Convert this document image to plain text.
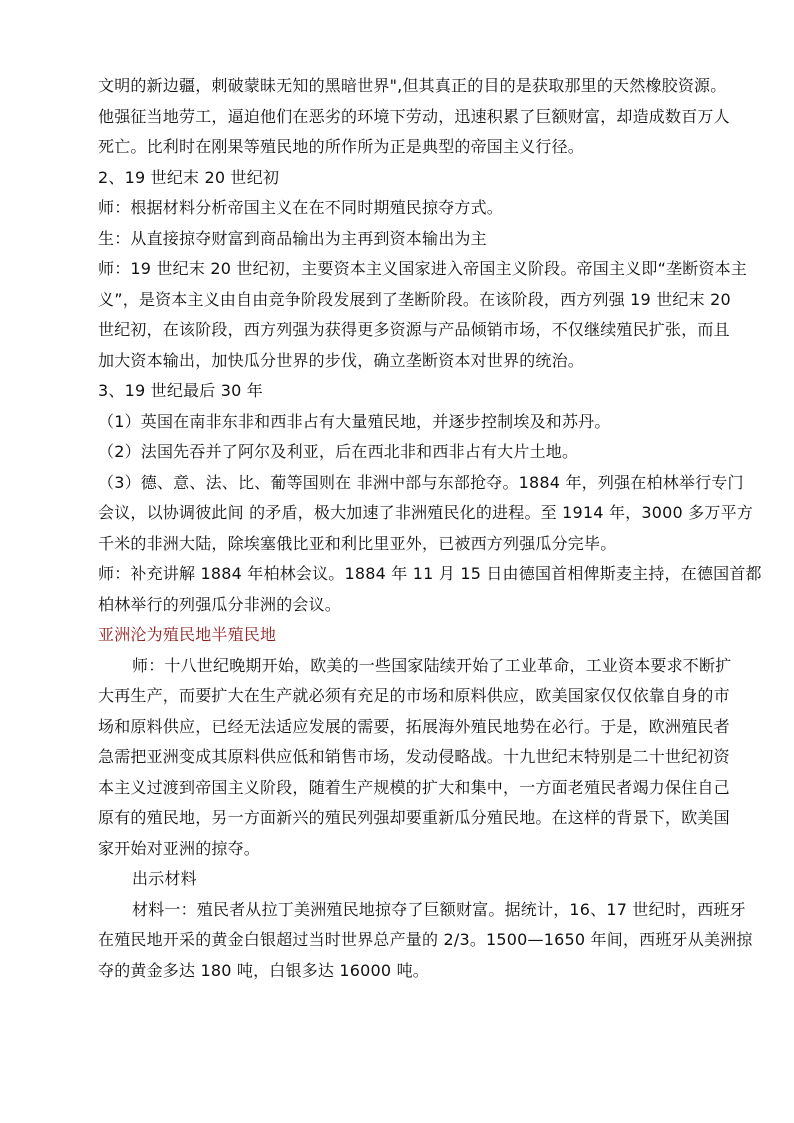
文明的新边疆，刺破蒙昧无知的黑暗世界",但其真正的目的是获取那里的天然橡胶资源。
他强征当地劳工，逼迫他们在恶劣的环境下劳动，迅速积累了巨额财富，却造成数百万人
死亡。比利时在刚果等殖民地的所作所为正是典型的帝国主义行径。
2、19 世纪末 20 世纪初
师：根据材料分析帝国主义在在不同时期殖民掠夺方式。
生：从直接掠夺财富到商品输出为主再到资本输出为主
师：19 世纪末 20 世纪初，主要资本主义国家进入帝国主义阶段。帝国主义即“垄断资本主
义”，是资本主义由自由竞争阶段发展到了垄断阶段。在该阶段，西方列强 19 世纪末 20
世纪初，在该阶段，西方列强为获得更多资源与产品倾销市场，不仅继续殖民扩张，而且
加大资本输出，加快瓜分世界的步伐，确立垄断资本对世界的统治。
3、19 世纪最后 30 年
（1）英国在南非东非和西非占有大量殖民地，并逐步控制埃及和苏丹。
（2）法国先吞并了阿尔及利亚，后在西北非和西非占有大片土地。
（3）德、意、法、比、葡等国则在 非洲中部与东部抢夺。1884 年，列强在柏林举行专门
会议，以协调彼此间 的矛盾，极大加速了非洲殖民化的进程。至 1914 年，3000 多万平方
千米的非洲大陆，除埃塞俄比亚和利比里亚外，已被西方列强瓜分完毕。
师：补充讲解 1884 年柏林会议。1884 年 11 月 15 日由德国首相俾斯麦主持，在德国首都
柏林举行的列强瓜分非洲的会议。
亚洲沦为殖民地半殖民地
师：十八世纪晚期开始，欧美的一些国家陆续开始了工业革命，工业资本要求不断扩
大再生产，而要扩大在生产就必须有充足的市场和原料供应，欧美国家仅仅依靠自身的市
场和原料供应，已经无法适应发展的需要，拓展海外殖民地势在必行。于是，欧洲殖民者
急需把亚洲变成其原料供应低和销售市场，发动侵略战。十九世纪末特别是二十世纪初资
本主义过渡到帝国主义阶段，随着生产规模的扩大和集中，一方面老殖民者竭力保住自己
原有的殖民地，另一方面新兴的殖民列强却要重新瓜分殖民地。在这样的背景下，欧美国
家开始对亚洲的掠夺。
出示材料
材料一：殖民者从拉丁美洲殖民地掠夺了巨额财富。据统计，16、17 世纪时，西班牙
在殖民地开采的黄金白银超过当时世界总产量的 2/3。1500—1650 年间，西班牙从美洲掠
夺的黄金多达 180 吨，白银多达 16000 吨。
